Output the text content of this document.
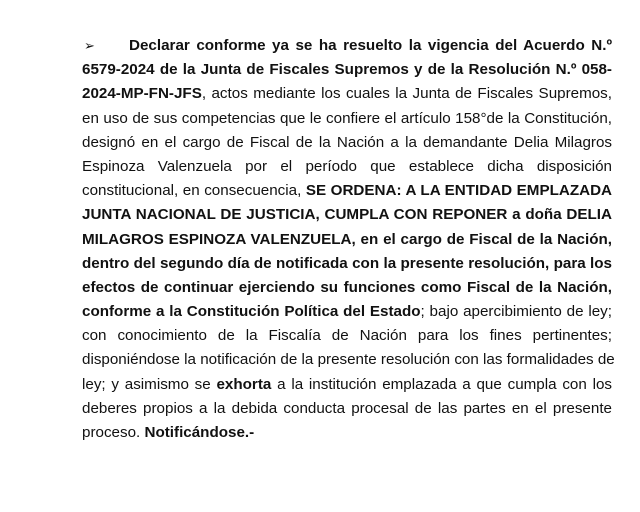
➢ Declarar conforme ya se ha resuelto la vigencia del Acuerdo N.º
6579-2024 de la Junta de Fiscales Supremos y de la Resolución N.º 058-
2024-MP-FN-JFS, actos mediante los cuales la Junta de Fiscales Supremos,
en uso de sus competencias que le confiere el artículo 158°de la Constitución,
designó en el cargo de Fiscal de la Nación a la demandante Delia Milagros
Espinoza Valenzuela por el período que establece dicha disposición
constitucional, en consecuencia, SE ORDENA: A LA ENTIDAD EMPLAZADA
JUNTA NACIONAL DE JUSTICIA, CUMPLA CON REPONER a doña DELIA
MILAGROS ESPINOZA VALENZUELA, en el cargo de Fiscal de la Nación,
dentro del segundo día de notificada con la presente resolución, para los
efectos de continuar ejerciendo su funciones como Fiscal de la Nación,
conforme a la Constitución Política del Estado; bajo apercibimiento de ley;
con conocimiento de la Fiscalía de Nación para los fines pertinentes;
disponiéndose la notificación de la presente resolución con las formalidades de
ley; y asimismo se exhorta a la institución emplazada a que cumpla con los
deberes propios a la debida conducta procesal de las partes en el presente
proceso. Notificándose.-
